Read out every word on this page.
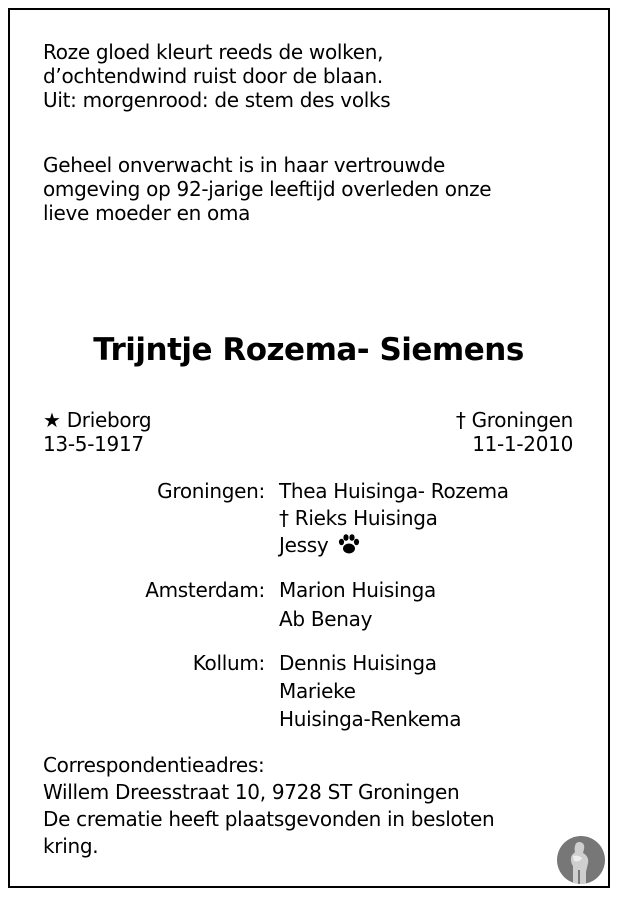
Roze gloed kleurt reeds de wolken,
d’ochtendwind ruist door de blaan.
Uit: morgenrood: de stem des volks
Geheel onverwacht is in haar vertrouwde
omgeving op 92-jarige leeftijd overleden onze
lieve moeder en oma
Trijntje Rozema- Siemens
★ Drieborg
13-5-1917
† Groningen
11-1-2010
Groningen: Thea Huisinga- Rozema
† Rieks Huisinga
Jessy
Amsterdam: Marion Huisinga
Ab Benay
Kollum: Dennis Huisinga
Marieke
Huisinga-Renkema
Correspondentieadres:
Willem Dreesstraat 10, 9728 ST Groningen
De crematie heeft plaatsgevonden in besloten
kring.
